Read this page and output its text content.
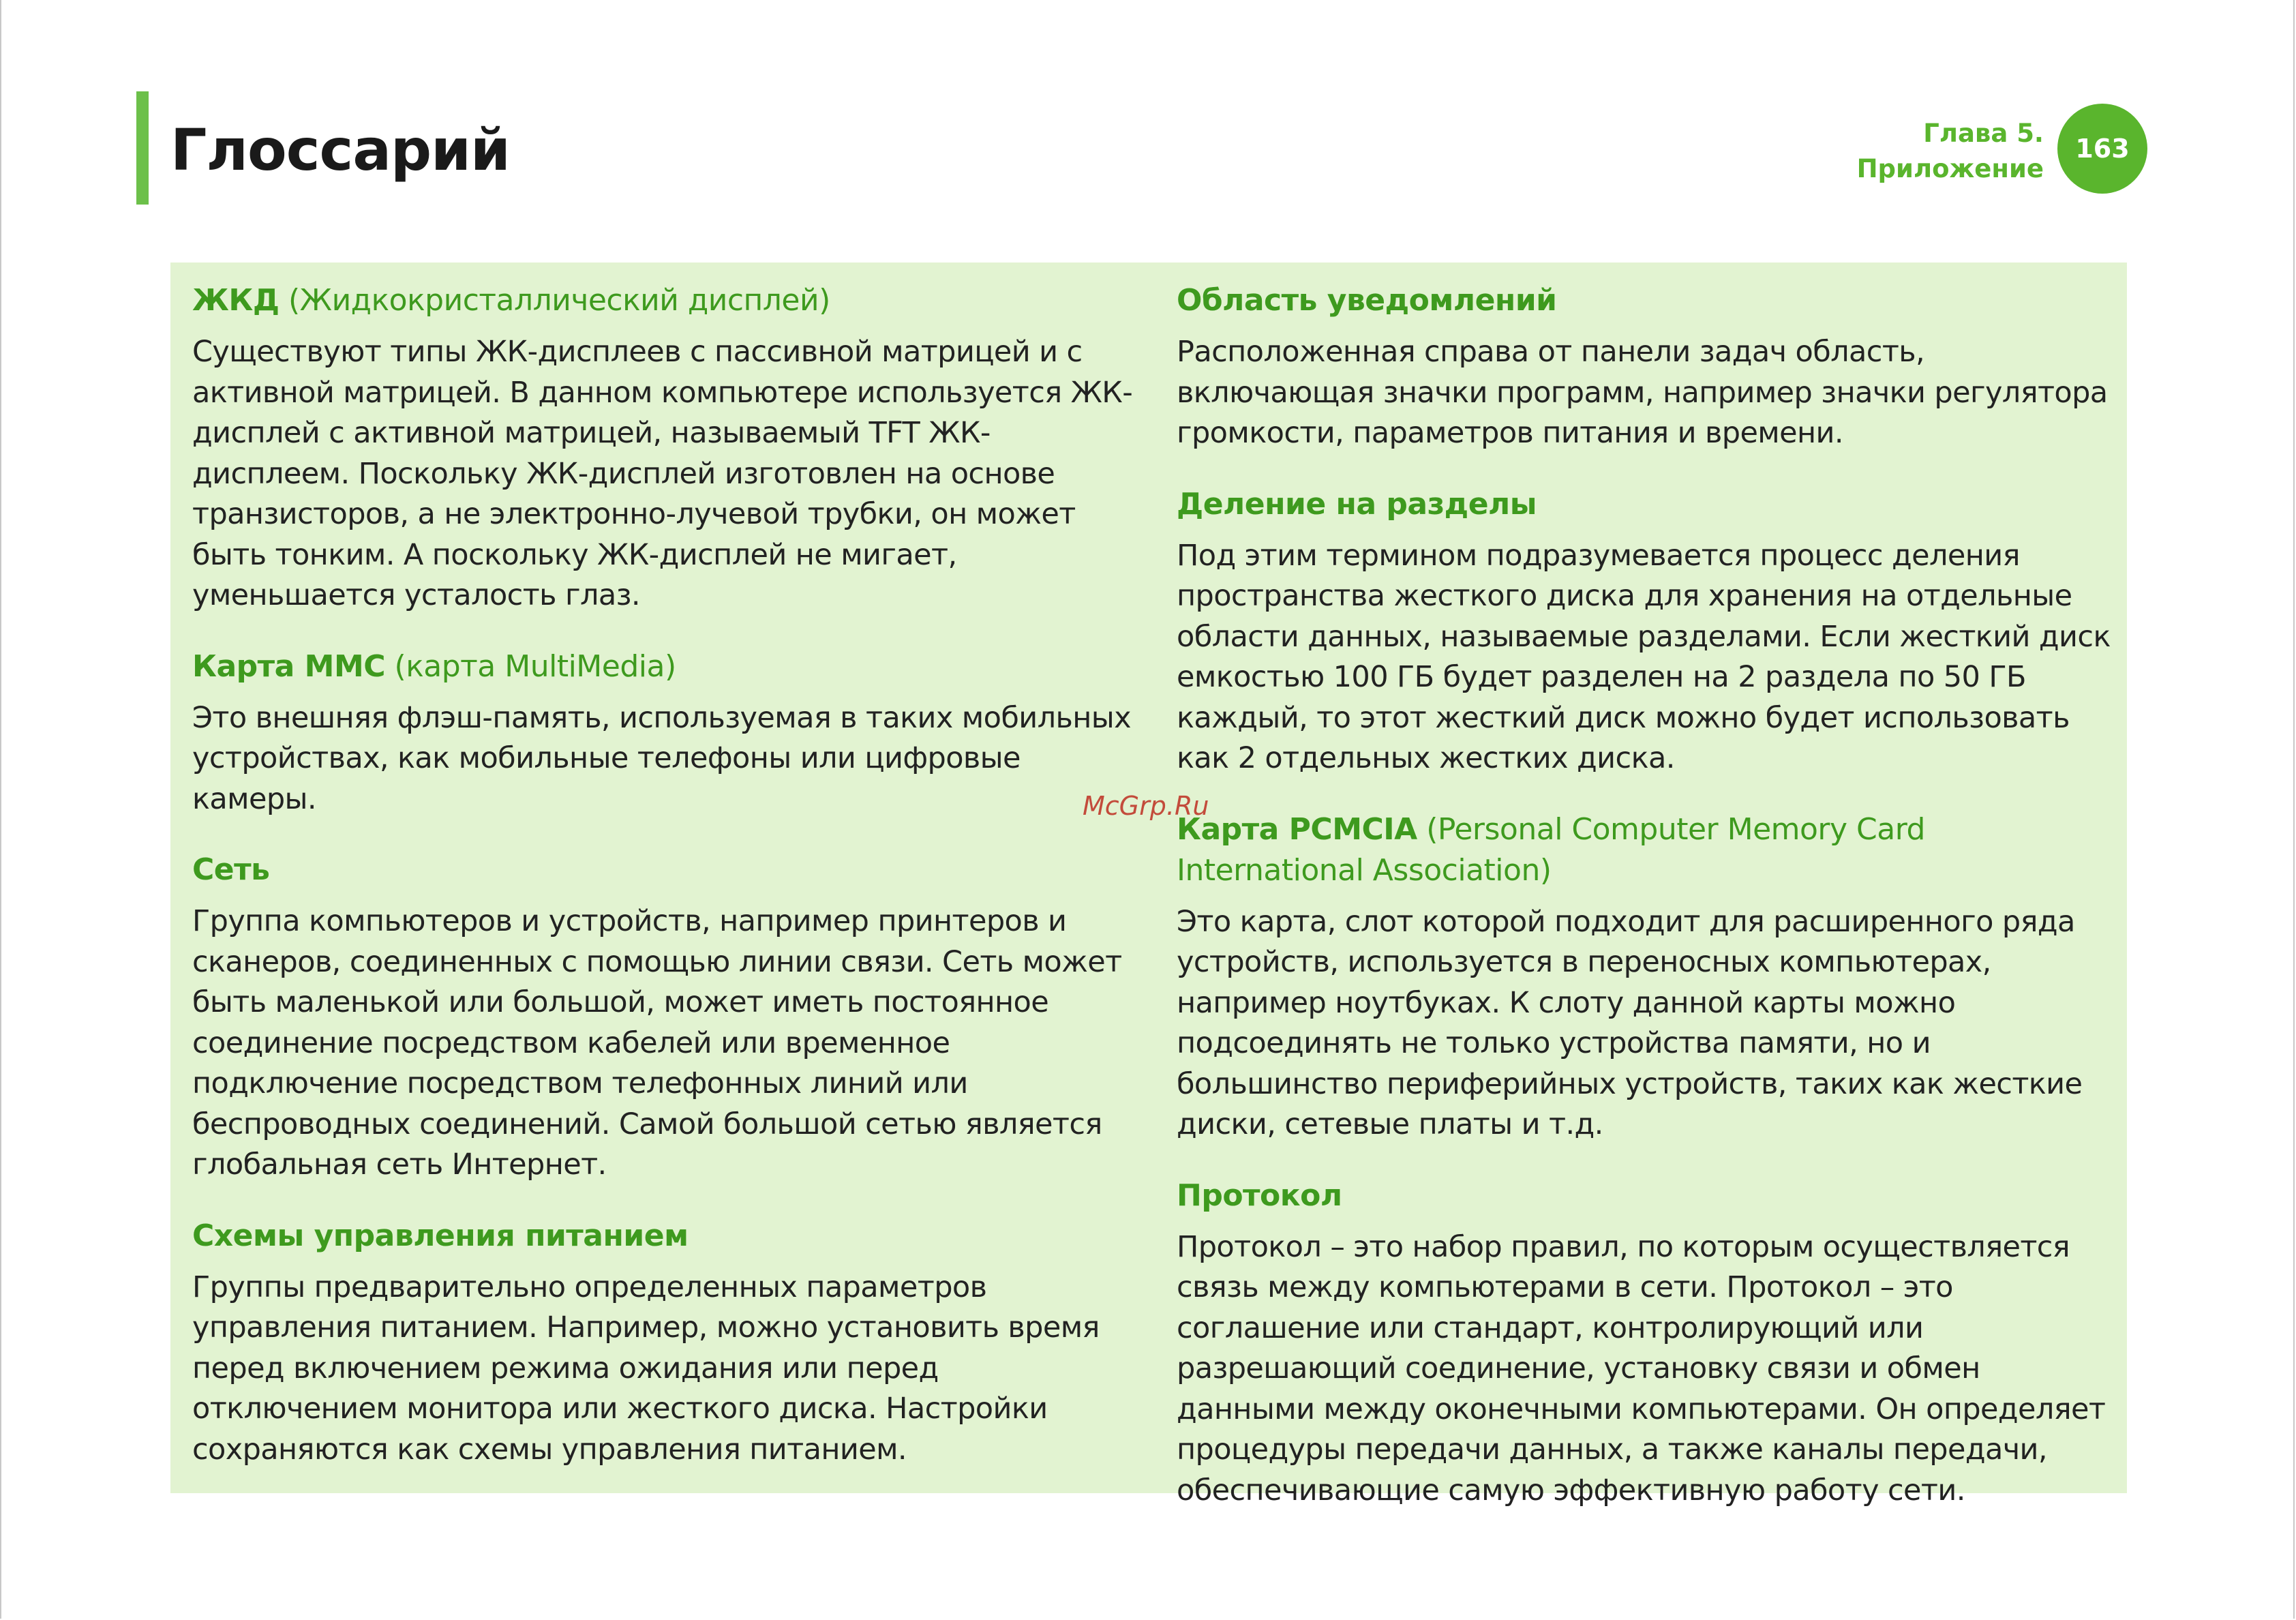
Глоссарий	Глава 5.
Приложение
163
ЖКД (Жидкокристаллический дисплей)

Существуют типы ЖК-дисплеев с пассивной матрицей и с активной матрицей. В данном компьютере используется ЖК-дисплей с активной матрицей, называемый TFT ЖК-дисплеем. Поскольку ЖК-дисплей изготовлен на основе транзисторов, а не электронно-лучевой трубки, он может быть тонким. А поскольку ЖК-дисплей не мигает, уменьшается усталость глаз.

Карта MMC (карта MultiMedia)

Это внешняя флэш-память, используемая в таких мобильных устройствах, как мобильные телефоны или цифровые камеры.

Сеть

Группа компьютеров и устройств, например принтеров и сканеров, соединенных с помощью линии связи. Сеть может быть маленькой или большой, может иметь постоянное соединение посредством кабелей или временное подключение посредством телефонных линий или беспроводных соединений. Самой большой сетью является глобальная сеть Интернет.

Схемы управления питанием

Группы предварительно определенных параметров управления питанием. Например, можно установить время перед включением режима ожидания или перед отключением монитора или жесткого диска. Настройки сохраняются как схемы управления питанием.

Область уведомлений

Расположенная справа от панели задач область, включающая значки программ, например значки регулятора громкости, параметров питания и времени.

Деление на разделы

Под этим термином подразумевается процесс деления пространства жесткого диска для хранения на отдельные области данных, называемые разделами. Если жесткий диск емкостью 100 ГБ будет разделен на 2 раздела по 50 ГБ каждый, то этот жесткий диск можно будет использовать как 2 отдельных жестких диска.

Карта PCMCIA (Personal Computer Memory Card International Association)

Это карта, слот которой подходит для расширенного ряда устройств, используется в переносных компьютерах, например ноутбуках. К слоту данной карты можно подсоединять не только устройства памяти, но и большинство периферийных устройств, таких как жесткие диски, сетевые платы и т.д.

Протокол

Протокол – это набор правил, по которым осуществляется связь между компьютерами в сети. Протокол – это соглашение или стандарт, контролирующий или разрешающий соединение, установку связи и обмен данными между оконечными компьютерами. Он определяет процедуры передачи данных, а также каналы передачи, обеспечивающие самую эффективную работу сети.

McGrp.Ru
